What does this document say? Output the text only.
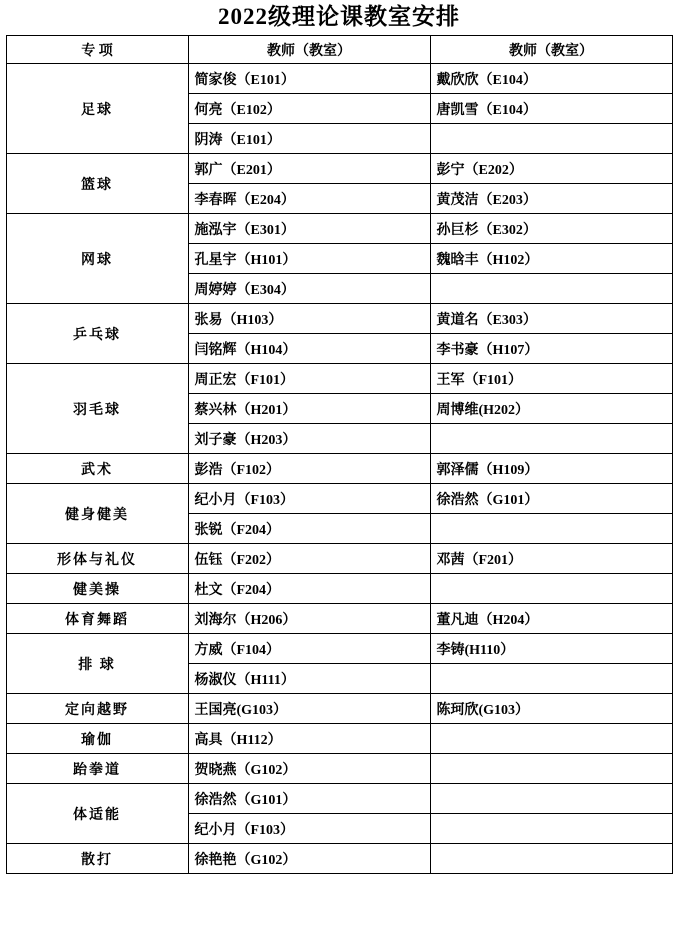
2022级理论课教室安排
专 项	教师（教室）	教师（教室）
足球	简家俊（E101）	戴欣欣（E104）
	何亮（E102）	唐凯雪（E104）
	阴涛（E101）	
篮球	郭广（E201）	彭宁（E202）
	李春晖（E204）	黄茂洁（E203）
网球	施泓宇（E301）	孙巨杉（E302）
	孔星宇（H101）	魏晗丰（H102）
	周婷婷（E304）	
乒乓球	张易（H103）	黄道名（E303）
	闫铭辉（H104）	李书豪（H107）
羽毛球	周正宏（F101）	王军（F101）
	蔡兴林（H201）	周博维(H202）
	刘子豪（H203）	
武术	彭浩（F102）	郭泽儒（H109）
健身健美	纪小月（F103）	徐浩然（G101）
	张锐（F204）	
形体与礼仪	伍钰（F202）	邓茜（F201）
健美操	杜文（F204）	
体育舞蹈	刘海尔（H206）	董凡迪（H204）
排 球	方威（F104）	李铸(H110）
	杨淑仪（H111）	
定向越野	王国亮(G103）	陈珂欣(G103）
瑜伽	高具（H112）	
跆拳道	贺晓燕（G102）	
体适能	徐浩然（G101）	
	纪小月（F103）	
散打	徐艳艳（G102）	
